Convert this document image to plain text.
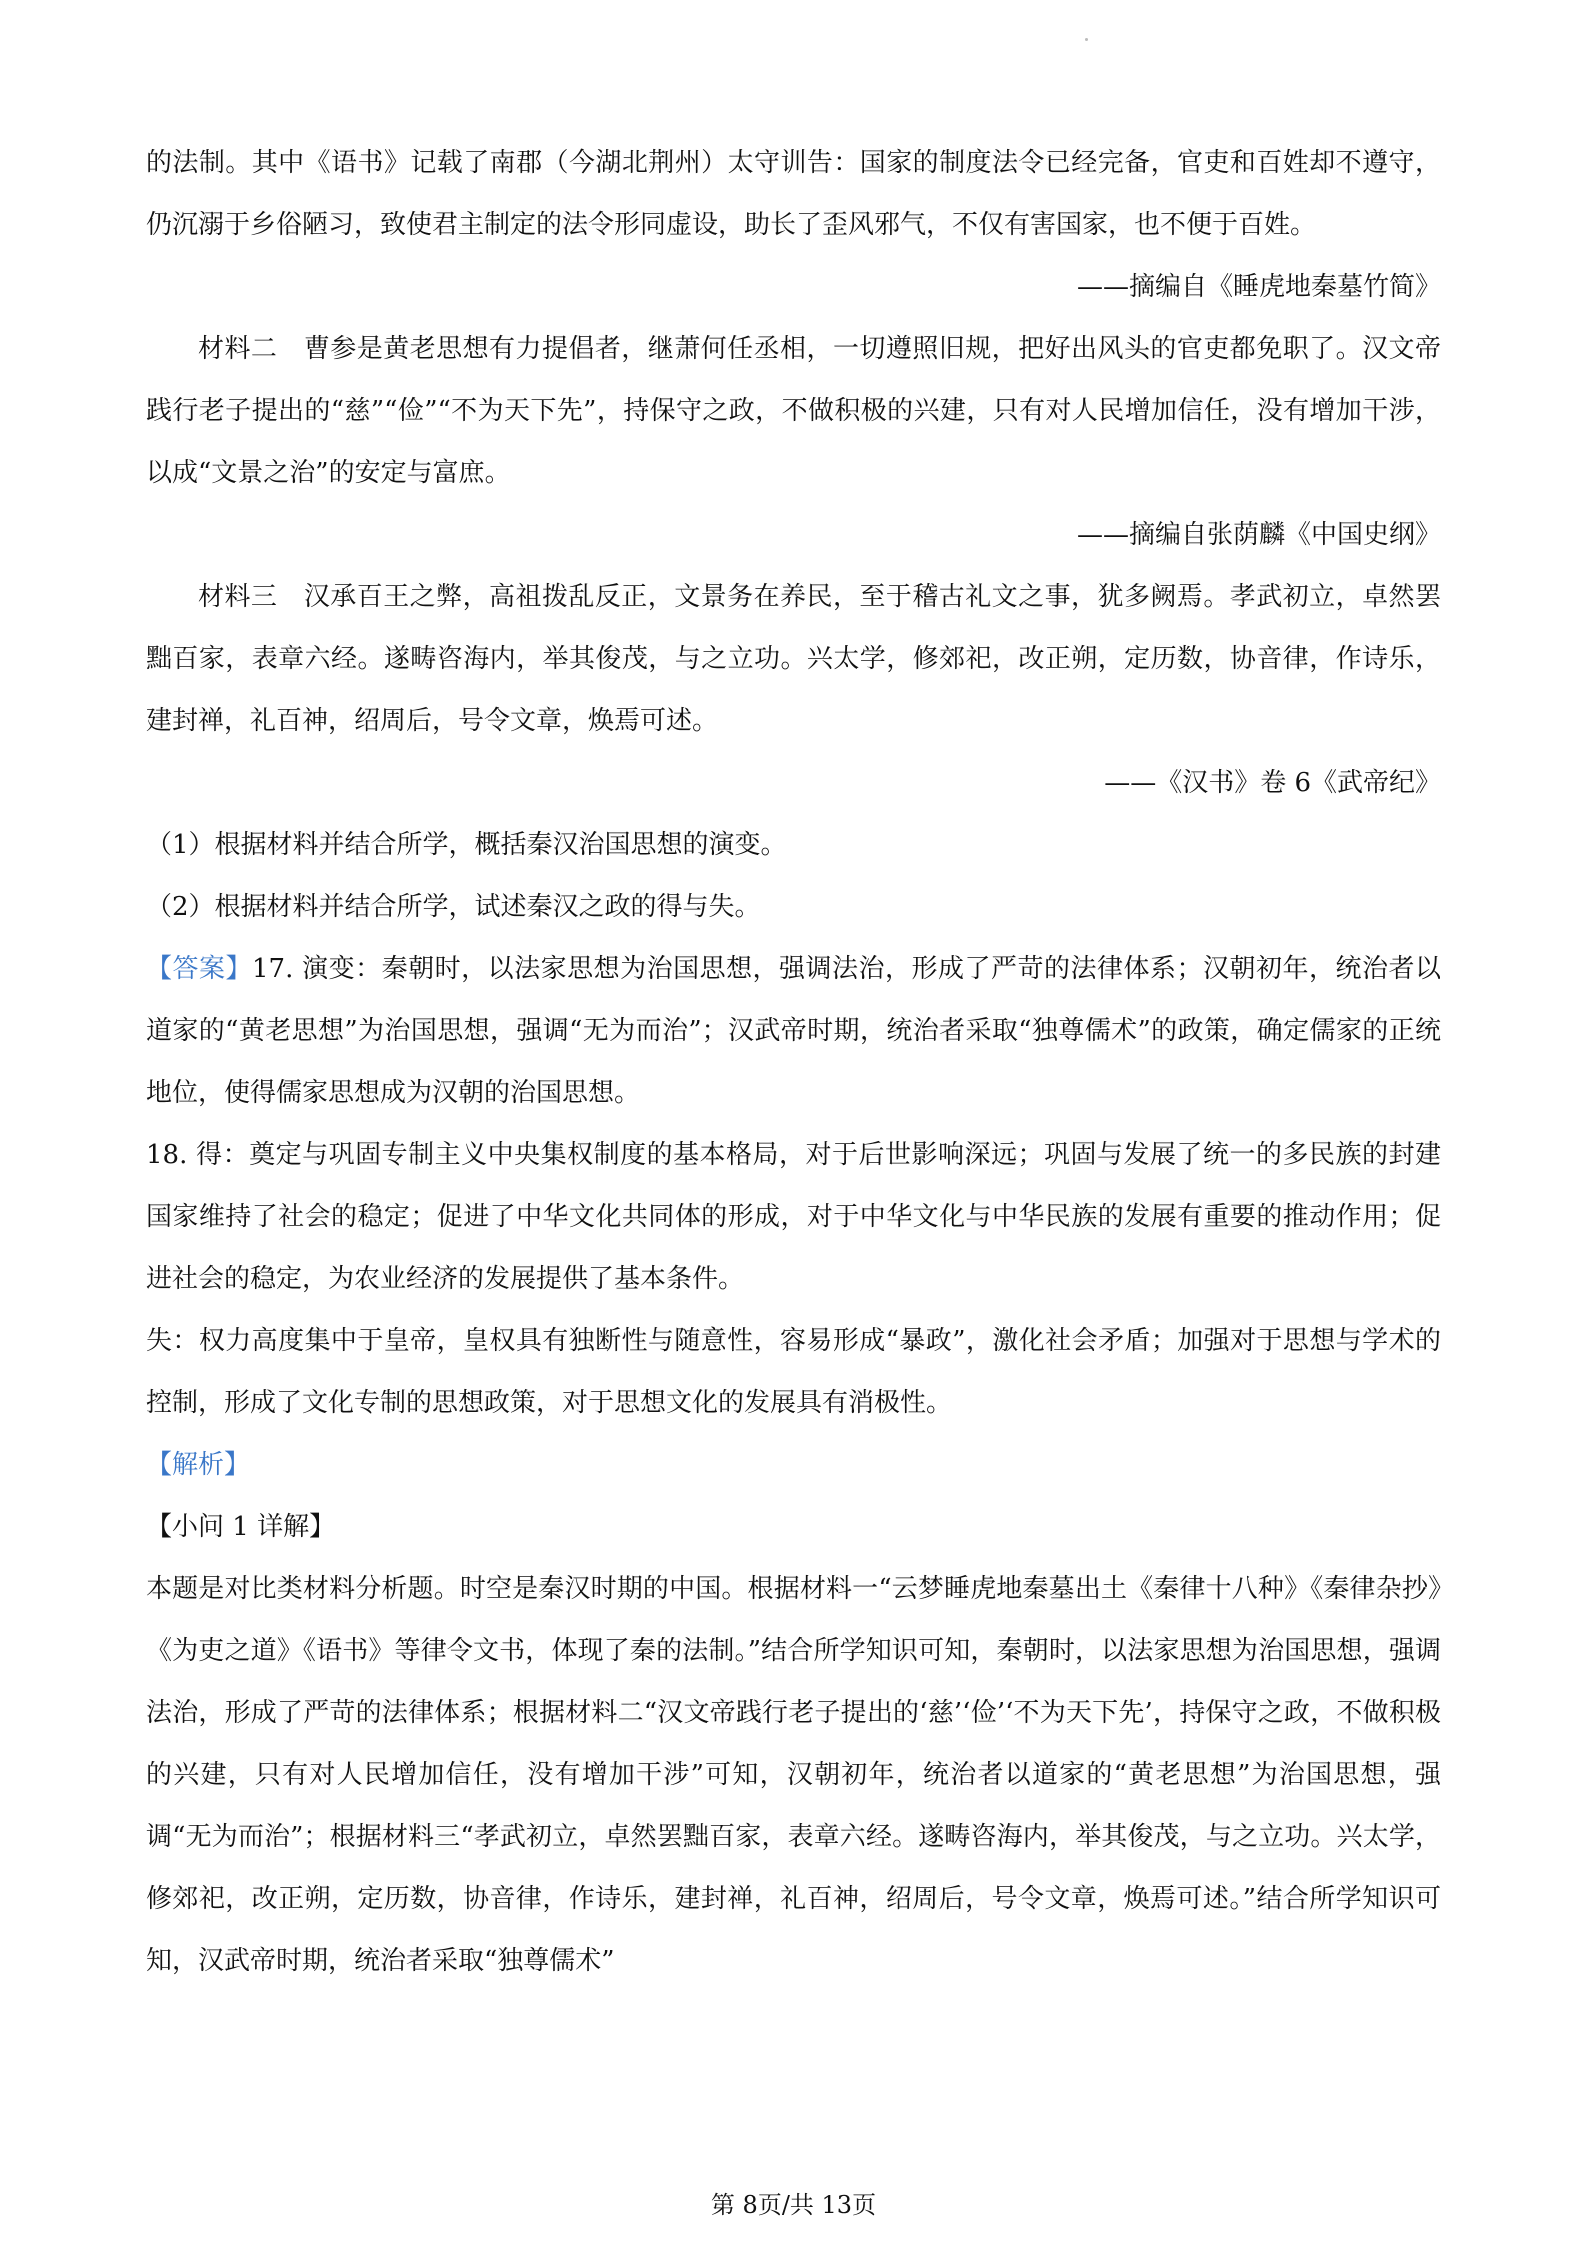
的法制。其中《语书》记载了南郡（今湖北荆州）太守训告：国家的制度法令已经完备，官吏和百姓却不遵守，仍沉溺于乡俗陋习，致使君主制定的法令形同虚设，助长了歪风邪气，不仅有害国家，也不便于百姓。

——摘编自《睡虎地秦墓竹简》

材料二　 曹参是黄老思想有力提倡者，继萧何任丞相，一切遵照旧规，把好出风头的官吏都免职了。汉文帝践行老子提出的“慈”“俭”“不为天下先”，持保守之政，不做积极的兴建，只有对人民增加信任，没有增加干涉，以成“文景之治”的安定与富庶。

——摘编自张荫麟《中国史纲》

材料三　 汉承百王之弊，高祖拨乱反正，文景务在养民，至于稽古礼文之事，犹多阙焉。孝武初立，卓然罢黜百家，表章六经。遂畴咨海内，举其俊茂，与之立功。兴太学，修郊祀，改正朔，定历数，协音律，作诗乐，建封禅，礼百神，绍周后，号令文章，焕焉可述。

——《汉书》卷 6《武帝纪》

（1）根据材料并结合所学，概括秦汉治国思想的演变。

（2）根据材料并结合所学，试述秦汉之政的得与失。

【答案】17. 演变：秦朝时，以法家思想为治国思想，强调法治，形成了严苛的法律体系；汉朝初年，统治者以道家的“黄老思想”为治国思想，强调“无为而治”；汉武帝时期，统治者采取“独尊儒术”的政策，确定儒家的正统地位，使得儒家思想成为汉朝的治国思想。

18. 得：奠定与巩固专制主义中央集权制度的基本格局，对于后世影响深远；巩固与发展了统一的多民族的封建国家维持了社会的稳定；促进了中华文化共同体的形成，对于中华文化与中华民族的发展有重要的推动作用；促进社会的稳定，为农业经济的发展提供了基本条件。

失：权力高度集中于皇帝，皇权具有独断性与随意性，容易形成“暴政”，激化社会矛盾；加强对于思想与学术的控制，形成了文化专制的思想政策，对于思想文化的发展具有消极性。

【解析】

【小问 1 详解】

本题是对比类材料分析题。时空是秦汉时期的中国。根据材料一“云梦睡虎地秦墓出土《秦律十八种》《秦律杂抄》《为吏之道》《语书》等律令文书，体现了秦的法制。”结合所学知识可知，秦朝时，以法家思想为治国思想，强调法治，形成了严苛的法律体系；根据材料二“汉文帝践行老子提出的‘慈’‘俭’‘不为天下先’，持保守之政，不做积极的兴建，只有对人民增加信任，没有增加干涉”可知，汉朝初年，统治者以道家的“黄老思想”为治国思想，强调“无为而治”；根据材料三“孝武初立，卓然罢黜百家，表章六经。遂畴咨海内，举其俊茂，与之立功。兴太学，修郊祀，改正朔，定历数，协音律，作诗乐，建封禅，礼百神，绍周后，号令文章，焕焉可述。”结合所学知识可知，汉武帝时期，统治者采取“独尊儒术”

第 8页/共 13页
